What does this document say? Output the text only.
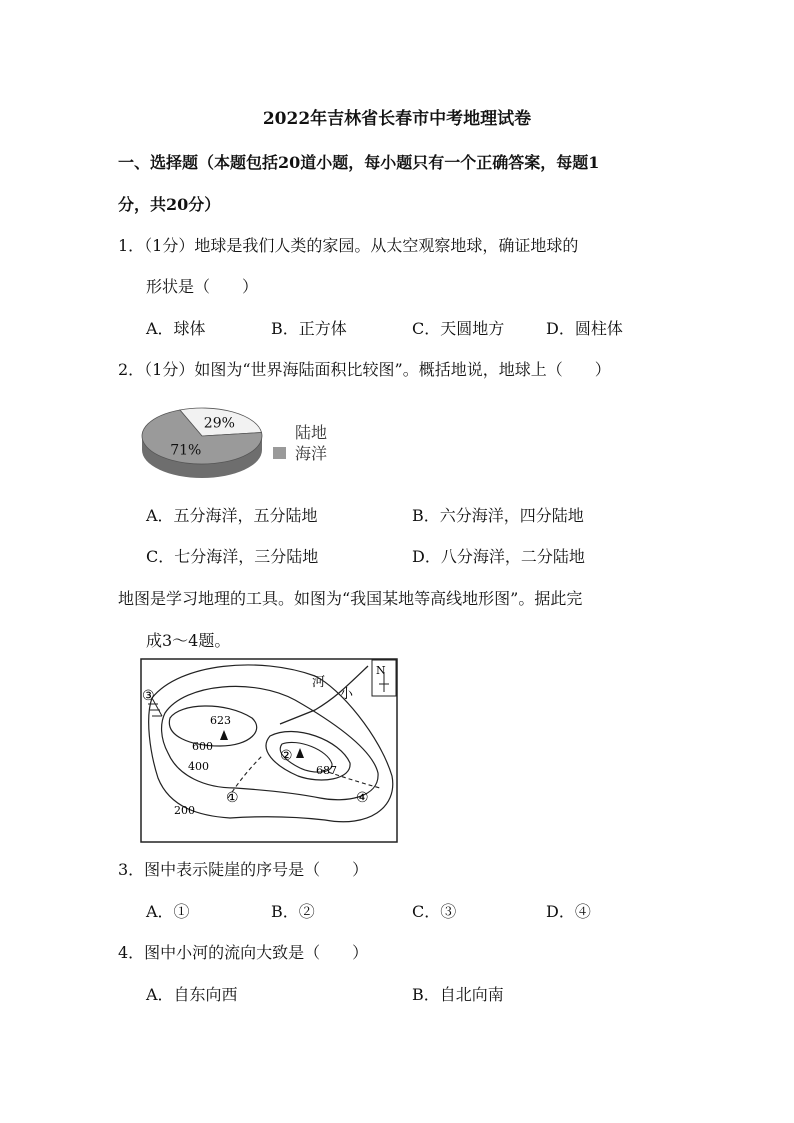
2022年吉林省长春市中考地理试卷
一、选择题（本题包括20道小题，每小题只有一个正确答案，每题1
分，共20分）
1．（1分）地球是我们人类的家园。从太空观察地球，确证地球的
形状是（　　）
A．球体	B．正方体	C．天圆地方	D．圆柱体
2．（1分）如图为“世界海陆面积比较图”。概括地说，地球上（　　）
29%
71%
陆地
海洋
A．五分海洋，五分陆地	B．六分海洋，四分陆地
C．七分海洋，三分陆地	D．八分海洋，二分陆地
地图是学习地理的工具。如图为“我国某地等高线地形图”。据此完
成3～4题。
N
小
河
623
687
600
400
200
①
②
③
④
3．图中表示陡崖的序号是（　　）
A．①	B．②	C．③	D．④
4．图中小河的流向大致是（　　）
A．自东向西	B．自北向南
